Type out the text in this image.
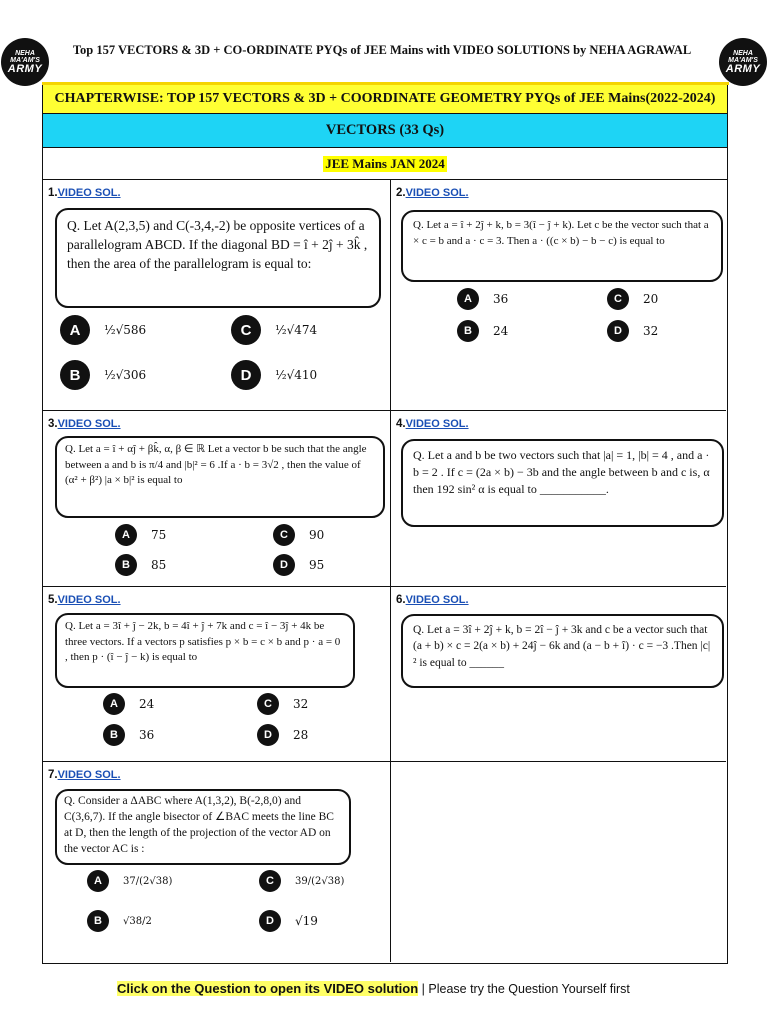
NEHA
MA'AM'S
ARMY
NEHA
MA'AM'S
ARMY
Top 157 VECTORS & 3D + CO-ORDINATE PYQs of JEE Mains with VIDEO SOLUTIONS by NEHA AGRAWAL
CHAPTERWISE: TOP 157 VECTORS & 3D + COORDINATE GEOMETRY PYQs of JEE Mains(2022-2024)
VECTORS (33 Qs)
JEE Mains JAN 2024
1.VIDEO SOL.
Q. Let A(2,3,5) and C(-3,4,-2) be opposite vertices of a parallelogram ABCD. If the diagonal BD = î + 2ĵ + 3k̂ , then the area of the parallelogram is equal to:
A	½√586
B	½√306
C	½√474
D	½√410
2.VIDEO SOL.
Q. Let a = î + 2ĵ + k, b = 3(î − ĵ + k). Let c be the vector such that a × c = b and a · c = 3. Then a · ((c × b) − b − c) is equal to
A	36
B	24
C	20
D	32
3.VIDEO SOL.
Q. Let a = î + αĵ + βk̂, α, β ∈ ℝ Let a vector b be such that the angle between a and b is π/4 and |b|² = 6 .If a · b = 3√2 , then the value of (α² + β²) |a × b|² is equal to
A	75
B	85
C	90
D	95
4.VIDEO SOL.
Q. Let a and b be two vectors such that |a| = 1, |b| = 4 , and a · b = 2 . If c = (2a × b) − 3b and the angle between b and c is, α then 192 sin² α is equal to ___________.
5.VIDEO SOL.
Q. Let a = 3î + ĵ − 2k, b = 4î + ĵ + 7k and c = î − 3ĵ + 4k be three vectors. If a vectors p satisfies p × b = c × b and p · a = 0 , then p · (î − ĵ − k) is equal to
A	24
B	36
C	32
D	28
6.VIDEO SOL.
Q. Let a = 3î + 2ĵ + k, b = 2î − ĵ + 3k and c be a vector such that (a + b) × c = 2(a × b) + 24ĵ − 6k and (a − b + î) · c = −3 .Then |c|² is equal to ______
7.VIDEO SOL.
Q. Consider a ΔABC where A(1,3,2), B(-2,8,0) and C(3,6,7). If the angle bisector of ∠BAC meets the line BC at D, then the length of the projection of the vector AD on the vector AC is :
A	37/(2√38)
B	√38/2
C	39/(2√38)
D	√19
Click on the Question to open its VIDEO solution | Please try the Question Yourself first
